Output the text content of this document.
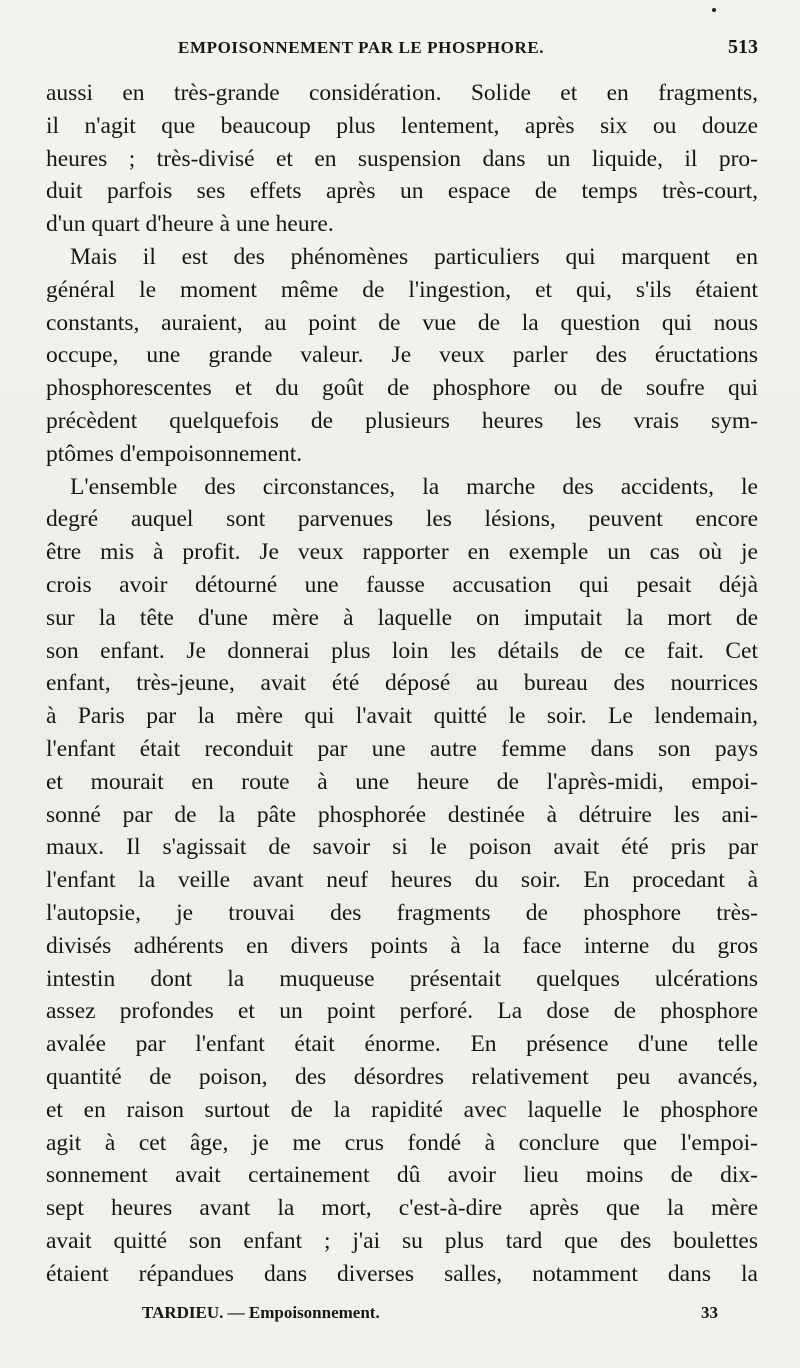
EMPOISONNEMENT PAR LE PHOSPHORE.	513
aussi en très-grande considération. Solide et en fragments,
il n'agit que beaucoup plus lentement, après six ou douze
heures ; très-divisé et en suspension dans un liquide, il pro-
duit parfois ses effets après un espace de temps très-court,
d'un quart d'heure à une heure.
Mais il est des phénomènes particuliers qui marquent en
général le moment même de l'ingestion, et qui, s'ils étaient
constants, auraient, au point de vue de la question qui nous
occupe, une grande valeur. Je veux parler des éructations
phosphorescentes et du goût de phosphore ou de soufre qui
précèdent quelquefois de plusieurs heures les vrais sym-
ptômes d'empoisonnement.
L'ensemble des circonstances, la marche des accidents, le
degré auquel sont parvenues les lésions, peuvent encore
être mis à profit. Je veux rapporter en exemple un cas où je
crois avoir détourné une fausse accusation qui pesait déjà
sur la tête d'une mère à laquelle on imputait la mort de
son enfant. Je donnerai plus loin les détails de ce fait. Cet
enfant, très-jeune, avait été déposé au bureau des nourrices
à Paris par la mère qui l'avait quitté le soir. Le lendemain,
l'enfant était reconduit par une autre femme dans son pays
et mourait en route à une heure de l'après-midi, empoi-
sonné par de la pâte phosphorée destinée à détruire les ani-
maux. Il s'agissait de savoir si le poison avait été pris par
l'enfant la veille avant neuf heures du soir. En procedant à
l'autopsie, je trouvai des fragments de phosphore très-
divisés adhérents en divers points à la face interne du gros
intestin dont la muqueuse présentait quelques ulcérations
assez profondes et un point perforé. La dose de phosphore
avalée par l'enfant était énorme. En présence d'une telle
quantité de poison, des désordres relativement peu avancés,
et en raison surtout de la rapidité avec laquelle le phosphore
agit à cet âge, je me crus fondé à conclure que l'empoi-
sonnement avait certainement dû avoir lieu moins de dix-
sept heures avant la mort, c'est-à-dire après que la mère
avait quitté son enfant ; j'ai su plus tard que des boulettes
étaient répandues dans diverses salles, notamment dans la
TARDIEU. — Empoisonnement.	33
